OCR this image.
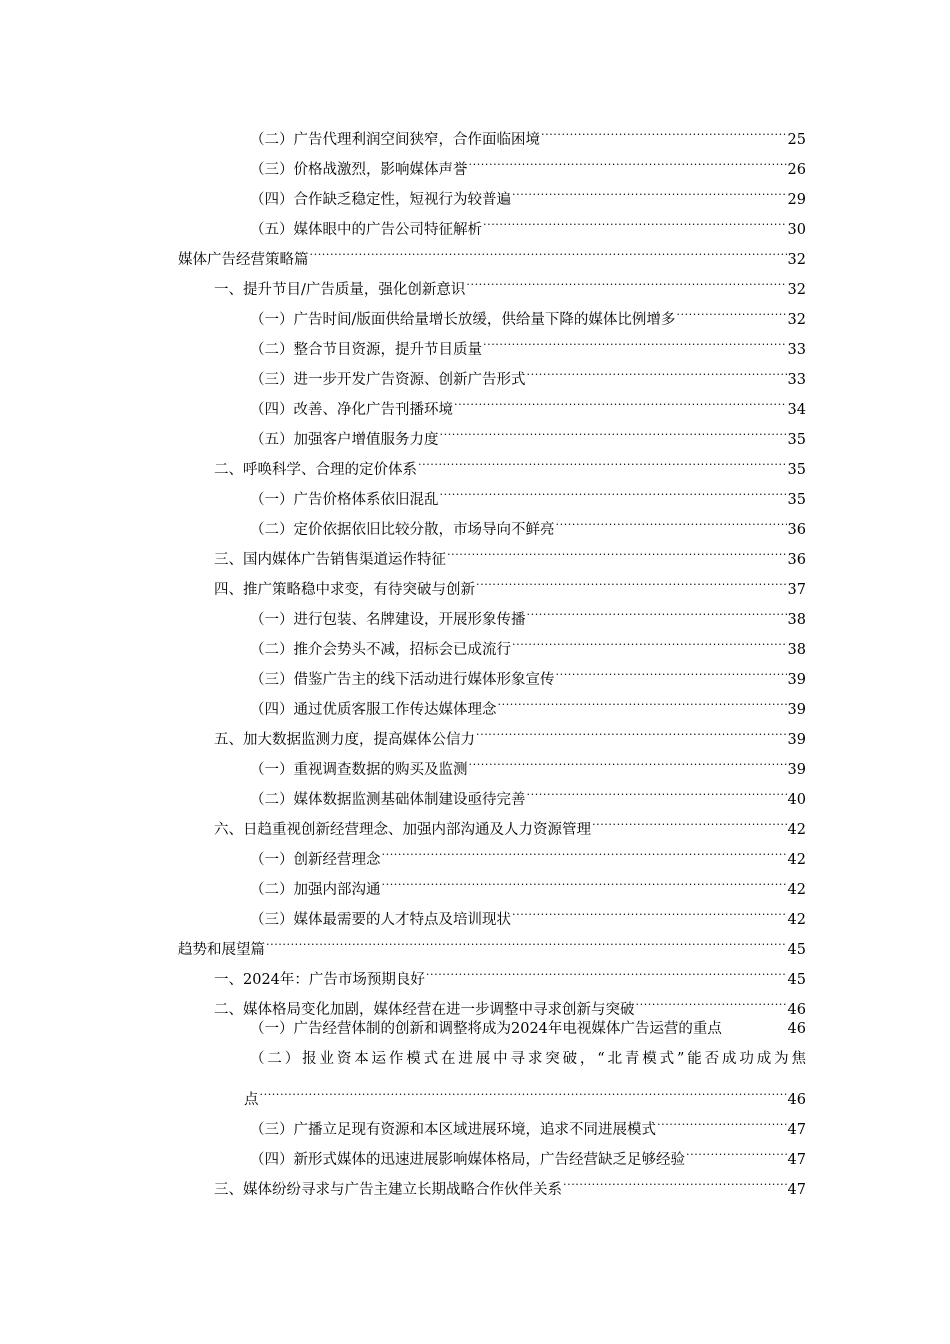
（二）广告代理利润空间狭窄，合作面临困境 .....	25
（三）价格战激烈，影响媒体声誉 .....	26
（四）合作缺乏稳定性，短视行为较普遍 .....	29
（五）媒体眼中的广告公司特征解析 .....	30
媒体广告经营策略篇 .....	32
一、提升节目/广告质量，强化创新意识 .....	32
（一）广告时间/版面供给量增长放缓，供给量下降的媒体比例增多 .....	32
（二）整合节目资源，提升节目质量 .....	33
（三）进一步开发广告资源、创新广告形式 .....	33
（四）改善、净化广告刊播环境 .....	34
（五）加强客户增值服务力度 .....	35
二、呼唤科学、合理的定价体系 .....	35
（一）广告价格体系依旧混乱 .....	35
（二）定价依据依旧比较分散，市场导向不鲜亮 .....	36
三、国内媒体广告销售渠道运作特征 .....	36
四、推广策略稳中求变，有待突破与创新 .....	37
（一）进行包装、名牌建设，开展形象传播 .....	38
（二）推介会势头不减，招标会已成流行 .....	38
（三）借鉴广告主的线下活动进行媒体形象宣传 .....	39
（四）通过优质客服工作传达媒体理念 .....	39
五、加大数据监测力度，提高媒体公信力 .....	39
（一）重视调查数据的购买及监测 .....	39
（二）媒体数据监测基础体制建设亟待完善 .....	40
六、日趋重视创新经营理念、加强内部沟通及人力资源管理 .....	42
（一）创新经营理念 .....	42
（二）加强内部沟通 .....	42
（三）媒体最需要的人才特点及培训现状 .....	42
趋势和展望篇 .....	45
一、2024年：广告市场预期良好 .....	45
二、媒体格局变化加剧，媒体经营在进一步调整中寻求创新与突破 .....	46
（一）广告经营体制的创新和调整将成为2024年电视媒体广告运营的重点	46
（二）报业资本运作模式在进展中寻求突破，“北青模式”能否成功成为焦
点 .....	46
（三）广播立足现有资源和本区域进展环境，追求不同进展模式 .....	47
（四）新形式媒体的迅速进展影响媒体格局，广告经营缺乏足够经验 .....	47
三、媒体纷纷寻求与广告主建立长期战略合作伙伴关系 .....	47
